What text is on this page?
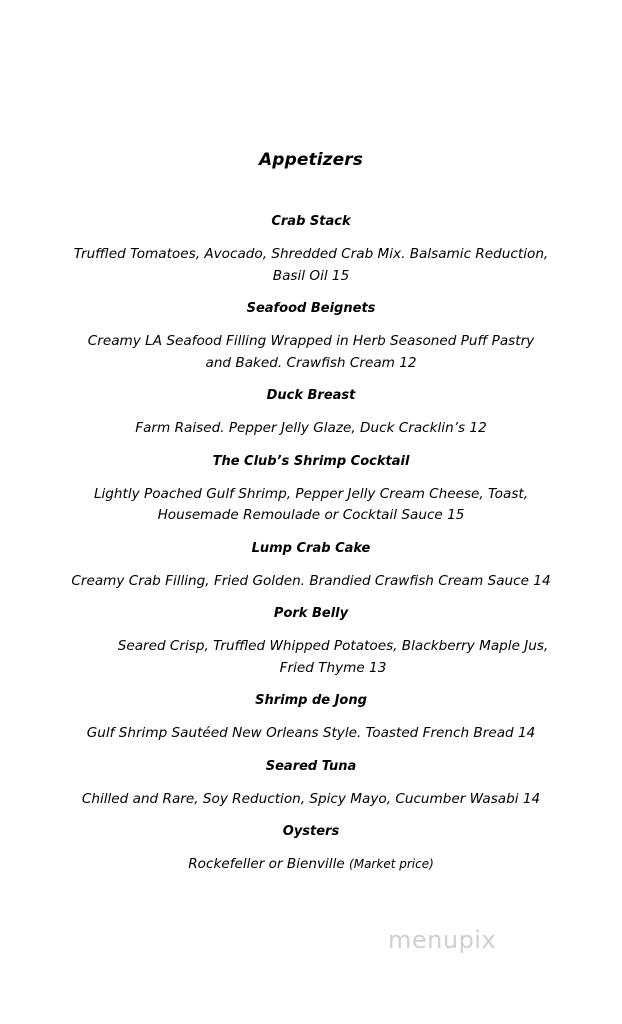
Appetizers
Crab Stack
Truffled Tomatoes, Avocado, Shredded Crab Mix. Balsamic Reduction, Basil Oil 15
Seafood Beignets
Creamy LA Seafood Filling Wrapped in Herb Seasoned Puff Pastry and Baked. Crawfish Cream 12
Duck Breast
Farm Raised. Pepper Jelly Glaze, Duck Cracklin’s 12
The Club’s Shrimp Cocktail
Lightly Poached Gulf Shrimp, Pepper Jelly Cream Cheese, Toast, Housemade Remoulade or Cocktail Sauce 15
Lump Crab Cake
Creamy Crab Filling, Fried Golden. Brandied Crawfish Cream Sauce 14
Pork Belly
Seared Crisp, Truffled Whipped Potatoes, Blackberry Maple Jus, Fried Thyme 13
Shrimp de Jong
Gulf Shrimp Sautéed New Orleans Style. Toasted French Bread 14
Seared Tuna
Chilled and Rare, Soy Reduction, Spicy Mayo, Cucumber Wasabi 14
Oysters
Rockefeller or Bienville (Market price)
menupix
